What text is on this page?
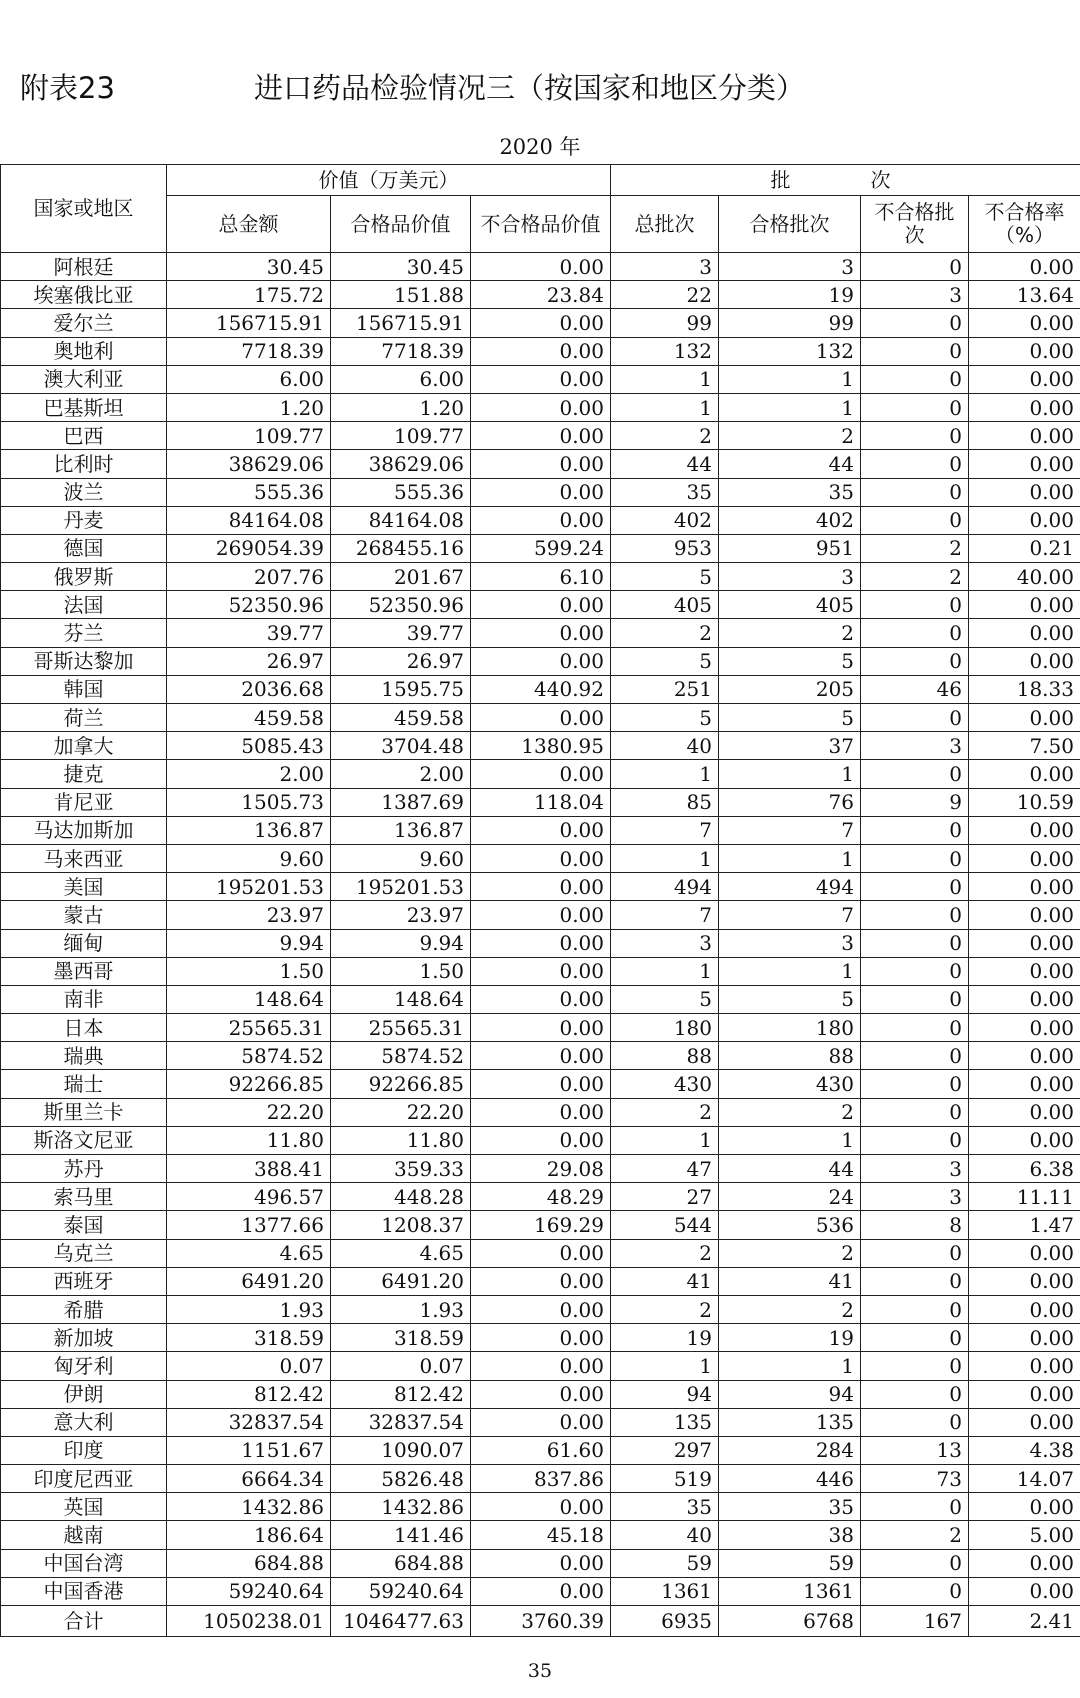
附表23	进口药品检验情况三（按国家和地区分类）
2020 年
国家或地区	价值（万美元）			批　次			
	总金额	合格品价值	不合格品价值	总批次	合格批次	不合格批次	不合格率（%）
阿根廷	30.45	30.45	0.00	3	3	0	0.00
埃塞俄比亚	175.72	151.88	23.84	22	19	3	13.64
爱尔兰	156715.91	156715.91	0.00	99	99	0	0.00
奥地利	7718.39	7718.39	0.00	132	132	0	0.00
澳大利亚	6.00	6.00	0.00	1	1	0	0.00
巴基斯坦	1.20	1.20	0.00	1	1	0	0.00
巴西	109.77	109.77	0.00	2	2	0	0.00
比利时	38629.06	38629.06	0.00	44	44	0	0.00
波兰	555.36	555.36	0.00	35	35	0	0.00
丹麦	84164.08	84164.08	0.00	402	402	0	0.00
德国	269054.39	268455.16	599.24	953	951	2	0.21
俄罗斯	207.76	201.67	6.10	5	3	2	40.00
法国	52350.96	52350.96	0.00	405	405	0	0.00
芬兰	39.77	39.77	0.00	2	2	0	0.00
哥斯达黎加	26.97	26.97	0.00	5	5	0	0.00
韩国	2036.68	1595.75	440.92	251	205	46	18.33
荷兰	459.58	459.58	0.00	5	5	0	0.00
加拿大	5085.43	3704.48	1380.95	40	37	3	7.50
捷克	2.00	2.00	0.00	1	1	0	0.00
肯尼亚	1505.73	1387.69	118.04	85	76	9	10.59
马达加斯加	136.87	136.87	0.00	7	7	0	0.00
马来西亚	9.60	9.60	0.00	1	1	0	0.00
美国	195201.53	195201.53	0.00	494	494	0	0.00
蒙古	23.97	23.97	0.00	7	7	0	0.00
缅甸	9.94	9.94	0.00	3	3	0	0.00
墨西哥	1.50	1.50	0.00	1	1	0	0.00
南非	148.64	148.64	0.00	5	5	0	0.00
日本	25565.31	25565.31	0.00	180	180	0	0.00
瑞典	5874.52	5874.52	0.00	88	88	0	0.00
瑞士	92266.85	92266.85	0.00	430	430	0	0.00
斯里兰卡	22.20	22.20	0.00	2	2	0	0.00
斯洛文尼亚	11.80	11.80	0.00	1	1	0	0.00
苏丹	388.41	359.33	29.08	47	44	3	6.38
索马里	496.57	448.28	48.29	27	24	3	11.11
泰国	1377.66	1208.37	169.29	544	536	8	1.47
乌克兰	4.65	4.65	0.00	2	2	0	0.00
西班牙	6491.20	6491.20	0.00	41	41	0	0.00
希腊	1.93	1.93	0.00	2	2	0	0.00
新加坡	318.59	318.59	0.00	19	19	0	0.00
匈牙利	0.07	0.07	0.00	1	1	0	0.00
伊朗	812.42	812.42	0.00	94	94	0	0.00
意大利	32837.54	32837.54	0.00	135	135	0	0.00
印度	1151.67	1090.07	61.60	297	284	13	4.38
印度尼西亚	6664.34	5826.48	837.86	519	446	73	14.07
英国	1432.86	1432.86	0.00	35	35	0	0.00
越南	186.64	141.46	45.18	40	38	2	5.00
中国台湾	684.88	684.88	0.00	59	59	0	0.00
中国香港	59240.64	59240.64	0.00	1361	1361	0	0.00
合计	1050238.01	1046477.63	3760.39	6935	6768	167	2.41
35
